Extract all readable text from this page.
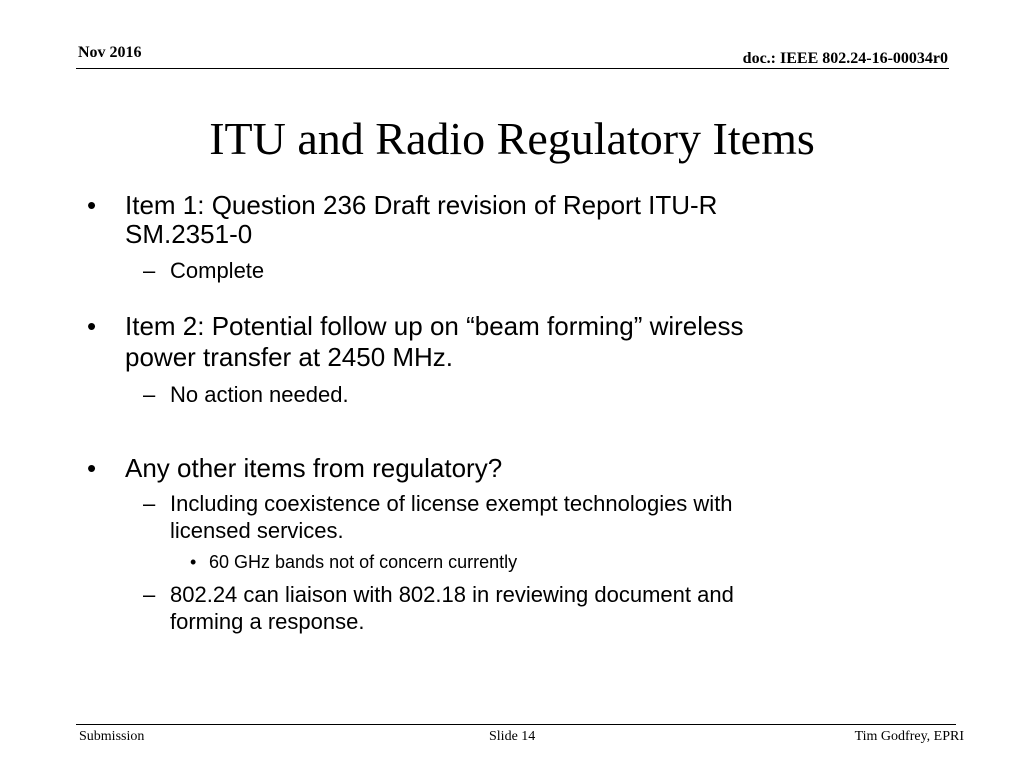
Nov 2016	doc.: IEEE 802.24-16-00034r0
ITU and Radio Regulatory Items
• Item 1: Question 236 Draft revision of Report ITU-R
SM.2351-0
– Complete
• Item 2: Potential follow up on “beam forming” wireless
power transfer at 2450 MHz.
– No action needed.
• Any other items from regulatory?
– Including coexistence of license exempt technologies with
licensed services.
• 60 GHz bands not of concern currently
– 802.24 can liaison with 802.18 in reviewing document and
forming a response.
Submission	Slide 14	Tim Godfrey, EPRI
